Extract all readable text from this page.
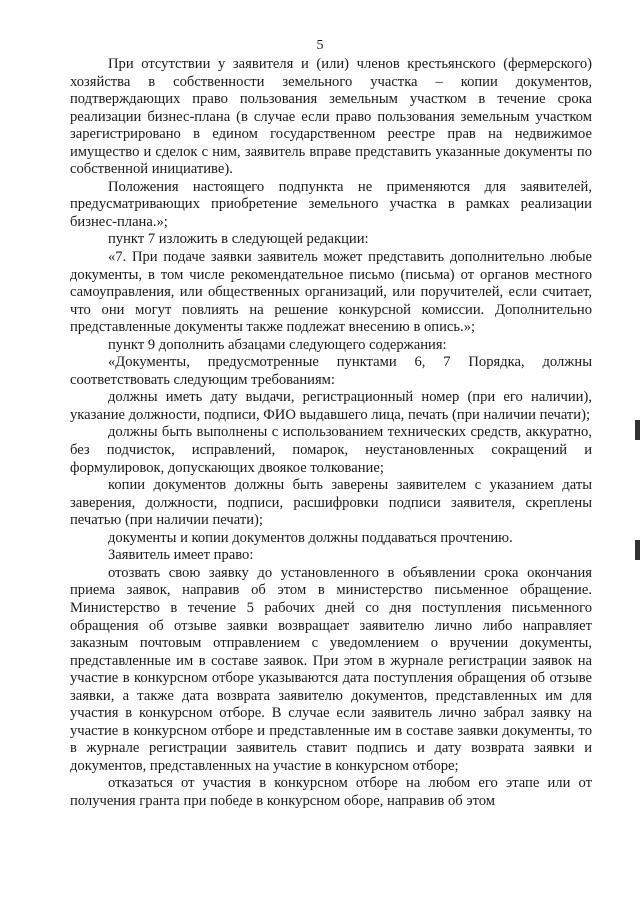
5

При отсутствии у заявителя и (или) членов крестьянского (фермерского) хозяйства в собственности земельного участка – копии документов, подтверждающих право пользования земельным участком в течение срока реализации бизнес-плана (в случае если право пользования земельным участком зарегистрировано в едином государственном реестре прав на недвижимое имущество и сделок с ним, заявитель вправе представить указанные документы по собственной инициативе).

Положения настоящего подпункта не применяются для заявителей, предусматривающих приобретение земельного участка в рамках реализации бизнес-плана.»;

пункт 7 изложить в следующей редакции:

«7. При подаче заявки заявитель может представить дополнительно любые документы, в том числе рекомендательное письмо (письма) от органов местного самоуправления, или общественных организаций, или поручителей, если считает, что они могут повлиять на решение конкурсной комиссии. Дополнительно представленные документы также подлежат внесению в опись.»;

пункт 9 дополнить абзацами следующего содержания:

«Документы, предусмотренные пунктами 6, 7 Порядка, должны соответствовать следующим требованиям:

должны иметь дату выдачи, регистрационный номер (при его наличии), указание должности, подписи, ФИО выдавшего лица, печать (при наличии печати);

должны быть выполнены с использованием технических средств, аккуратно, без подчисток, исправлений, помарок, неустановленных сокращений и формулировок, допускающих двоякое толкование;

копии документов должны быть заверены заявителем с указанием даты заверения, должности, подписи, расшифровки подписи заявителя, скреплены печатью (при наличии печати);

документы и копии документов должны поддаваться прочтению.

Заявитель имеет право:

отозвать свою заявку до установленного в объявлении срока окончания приема заявок, направив об этом в министерство письменное обращение. Министерство в течение 5 рабочих дней со дня поступления письменного обращения об отзыве заявки возвращает заявителю лично либо направляет заказным почтовым отправлением с уведомлением о вручении документы, представленные им в составе заявок. При этом в журнале регистрации заявок на участие в конкурсном отборе указываются дата поступления обращения об отзыве заявки, а также дата возврата заявителю документов, представленных им для участия в конкурсном отборе. В случае если заявитель лично забрал заявку на участие в конкурсном отборе и представленные им в составе заявки документы, то в журнале регистрации заявитель ставит подпись и дату возврата заявки и документов, представленных на участие в конкурсном отборе;

отказаться от участия в конкурсном отборе на любом его этапе или от получения гранта при победе в конкурсном оборе, направив об этом
